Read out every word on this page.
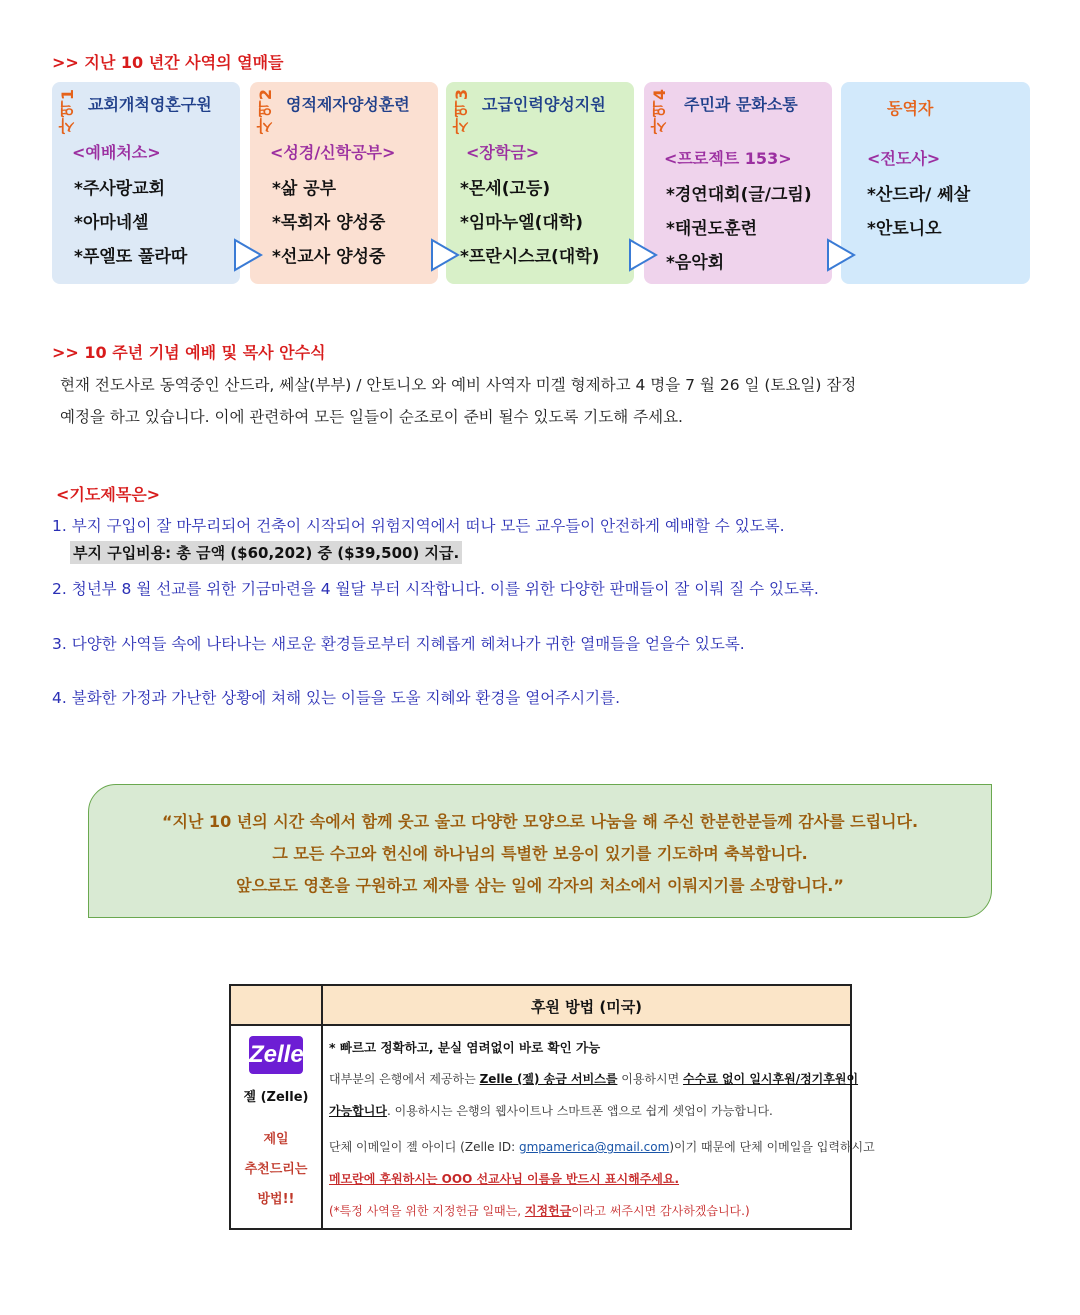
>> 지난 10 년간 사역의 열매들
사역1 교회개척영혼구원
<예배처소>
*주사랑교회
*아마네셀
*푸엘또 풀라따
사역2 영적제자양성훈련
<성경/신학공부>
*삶 공부
*목회자 양성중
*선교사 양성중
사역3 고급인력양성지원
<장학금>
*몬세(고등)
*임마누엘(대학)
*프란시스코(대학)
사역4 주민과 문화소통
<프로젝트 153>
*경연대회(글/그림)
*태권도훈련
*음악회
동역자
<전도사>
*산드라/ 쎄살
*안토니오
>> 10 주년 기념 예배 및 목사 안수식
현재 전도사로 동역중인 산드라, 쎄살(부부) / 안토니오 와 예비 사역자 미겔 형제하고 4 명을 7 월 26 일 (토요일) 잠정
예정을 하고 있습니다. 이에 관련하여 모든 일들이 순조로이 준비 될수 있도록 기도해 주세요.
<기도제목은>
1. 부지 구입이 잘 마무리되어 건축이 시작되어 위험지역에서 떠나 모든 교우들이 안전하게 예배할 수 있도록.
부지 구입비용: 총 금액 ($60,202) 중 ($39,500) 지급.
2. 청년부 8 월 선교를 위한 기금마련을 4 월달 부터 시작합니다. 이를 위한 다양한 판매들이 잘 이뤄 질 수 있도록.
3. 다양한 사역들 속에 나타나는 새로운 환경들로부터 지혜롭게 헤쳐나가 귀한 열매들을 얻을수 있도록.
4. 불화한 가정과 가난한 상황에 쳐해 있는 이들을 도울 지혜와 환경을 열어주시기를.
“지난 10 년의 시간 속에서 함께 웃고 울고 다양한 모양으로 나눔을 해 주신 한분한분들께 감사를 드립니다.
그 모든 수고와 헌신에 하나님의 특별한 보응이 있기를 기도하며 축복합니다.
앞으로도 영혼을 구원하고 제자를 삼는 일에 각자의 처소에서 이뤄지기를 소망합니다.”
후원 방법 (미국)
Zelle
젤 (Zelle)
제일
추천드리는
방법!!
* 빠르고 정확하고, 분실 염려없이 바로 확인 가능
대부분의 은행에서 제공하는 Zelle (젤) 송금 서비스를 이용하시면 수수료 없이 일시후원/정기후원이
가능합니다. 이용하시는 은행의 웹사이트나 스마트폰 앱으로 쉽게 셋업이 가능합니다.
단체 이메일이 젤 아이디 (Zelle ID: gmpamerica@gmail.com)이기 때문에 단체 이메일을 입력하시고
메모란에 후원하시는 OOO 선교사님 이름을 반드시 표시해주세요.
(*특정 사역을 위한 지정헌금 일때는, 지정헌금이라고 써주시면 감사하겠습니다.)
